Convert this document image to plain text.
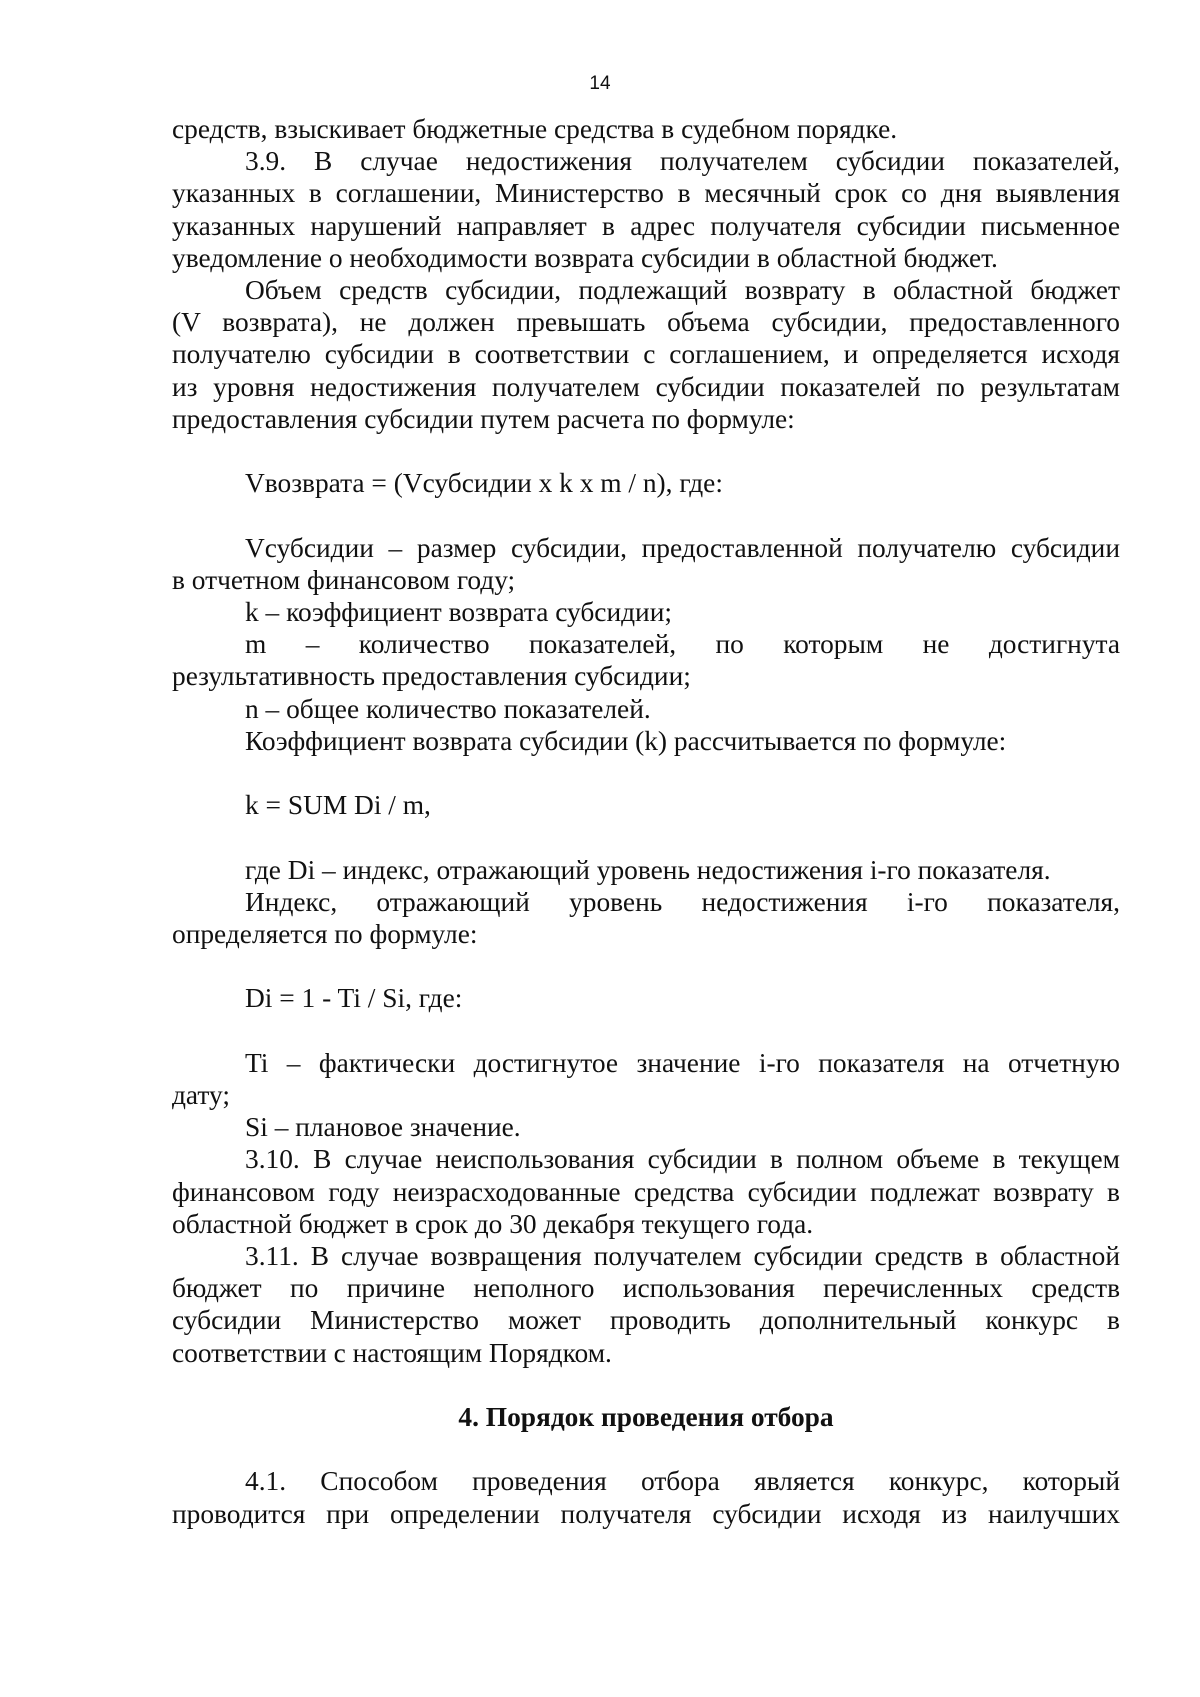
14

средств, взыскивает бюджетные средства в судебном порядке.

3.9. В случае недостижения получателем субсидии показателей,

указанных в соглашении, Министерство в месячный срок со дня выявления

указанных нарушений направляет в адрес получателя субсидии письменное

уведомление о необходимости возврата субсидии в областной бюджет.

Объем средств субсидии, подлежащий возврату в областной бюджет

(V возврата), не должен превышать объема субсидии, предоставленного

получателю субсидии в соответствии с соглашением, и определяется исходя

из уровня недостижения получателем субсидии показателей по результатам

предоставления субсидии путем расчета по формуле:

Vвозврата = (Vсубсидии x k x m / n), где:

Vсубсидии – размер субсидии, предоставленной получателю субсидии

в отчетном финансовом году;

k – коэффициент возврата субсидии;

m – количество показателей, по которым не достигнута

результативность предоставления субсидии;

n – общее количество показателей.

Коэффициент возврата субсидии (k) рассчитывается по формуле:

k = SUM Di / m,

где Di – индекс, отражающий уровень недостижения i-го показателя.

Индекс, отражающий уровень недостижения i-го показателя,

определяется по формуле:

Di = 1 - Ti / Si, где:

Ti – фактически достигнутое значение i-го показателя на отчетную

дату;

Si – плановое значение.

3.10. В случае неиспользования субсидии в полном объеме в текущем

финансовом году неизрасходованные средства субсидии подлежат возврату в

областной бюджет в срок до 30 декабря текущего года.

3.11. В случае возвращения получателем субсидии средств в областной

бюджет по причине неполного использования перечисленных средств

субсидии Министерство может проводить дополнительный конкурс в

соответствии с настоящим Порядком.

4. Порядок проведения отбора

4.1. Способом проведения отбора является конкурс, который

проводится при определении получателя субсидии исходя из наилучших
